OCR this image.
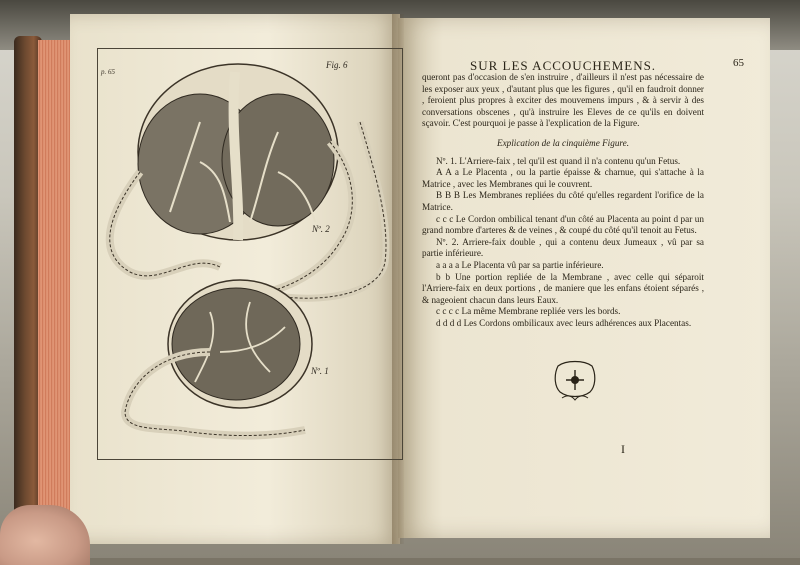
p. 65
Fig. 6
Nº. 2
Nº. 1
SUR LES ACCOUCHEMENS.	65

queront pas d'occasion de s'en instruire , d'ailleurs il n'est pas nécessaire de les exposer aux yeux , d'autant plus que les figures , qu'il en faudroit donner , feroient plus propres à exciter des mouvemens impurs , & à servir à des conversations obscenes , qu'à instruire les Eleves de ce qu'ils en doivent sçavoir. C'est pourquoi je passe à l'explication de la Figure.

Explication de la cinquième Figure.

Nº. 1. L'Arriere-faix , tel qu'il est quand il n'a contenu qu'un Fetus.

A A a Le Placenta , ou la partie épaisse & charnue, qui s'attache à la Matrice , avec les Membranes qui le couvrent.

B B B Les Membranes repliées du côté qu'elles regardent l'orifice de la Matrice.

c c c Le Cordon ombilical tenant d'un côté au Placenta au point d par un grand nombre d'arteres & de veines , & coupé du côté qu'il tenoit au Fetus.

Nº. 2. Arriere-faix double , qui a contenu deux Jumeaux , vû par sa partie inférieure.

a a a a Le Placenta vû par sa partie inférieure.

b b Une portion repliée de la Membrane , avec celle qui séparoit l'Arriere-faix en deux portions , de maniere que les enfans étoient séparés , & nageoient chacun dans leurs Eaux.

c c c c La même Membrane repliée vers les bords.

d d d d Les Cordons ombilicaux avec leurs adhérences aux Placentas.

I
